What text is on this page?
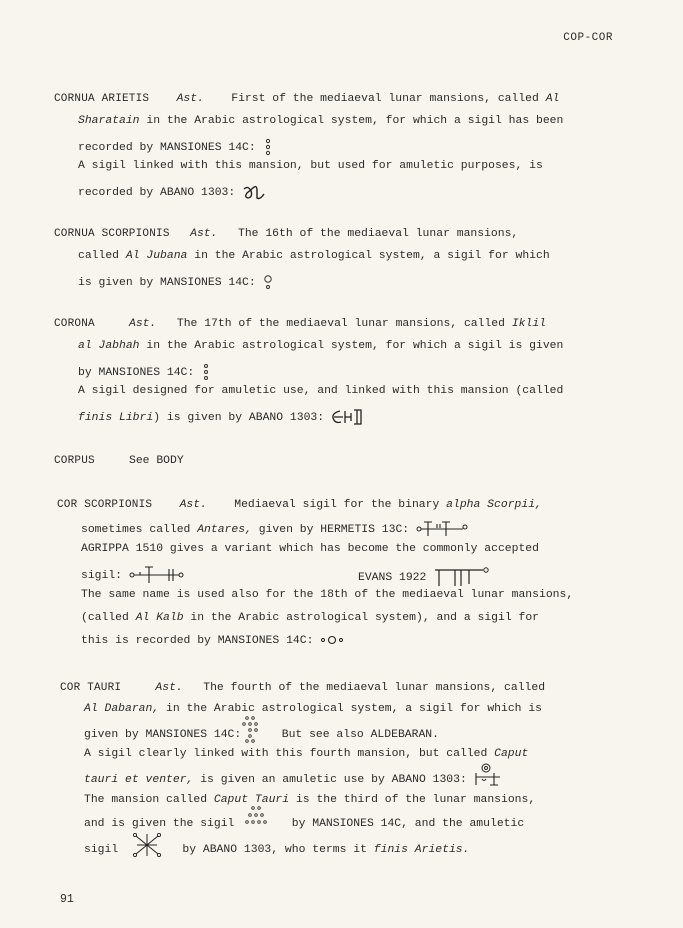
COP-COR
CORNUA ARIETIS Ast. First of the mediaeval lunar mansions, called Al
Sharatain in the Arabic astrological system, for which a sigil has been
recorded by MANSIONES 14C:
A sigil linked with this mansion, but used for amuletic purposes, is
recorded by ABANO 1303:
CORNUA SCORPIONIS Ast. The 16th of the mediaeval lunar mansions,
called Al Jubana in the Arabic astrological system, a sigil for which
is given by MANSIONES 14C:
CORONA	Ast. The 17th of the mediaeval lunar mansions, called Iklil
al Jabhah in the Arabic astrological system, for which a sigil is given
by MANSIONES 14C:
A sigil designed for amuletic use, and linked with this mansion (called
finis Libri) is given by ABANO 1303:
CORPUS	See BODY
COR SCORPIONIS Ast. Mediaeval sigil for the binary alpha Scorpii,
sometimes called Antares, given by HERMETIS 13C:
AGRIPPA 1510 gives a variant which has become the commonly accepted
sigil:	EVANS 1922
The same name is used also for the 18th of the mediaeval lunar mansions,
(called Al Kalb in the Arabic astrological system), and a sigil for
this is recorded by MANSIONES 14C:
COR TAURI	Ast. The fourth of the mediaeval lunar mansions, called
Al Dabaran, in the Arabic astrological system, a sigil for which is
given by MANSIONES 14C:	But see also ALDEBARAN.
A sigil clearly linked with this fourth mansion, but called Caput
tauri et venter, is given an amuletic use by ABANO 1303:
The mansion called Caput Tauri is the third of the lunar mansions,
and is given the sigil	by MANSIONES 14C, and the amuletic
sigil	by ABANO 1303, who terms it finis Arietis.
91
